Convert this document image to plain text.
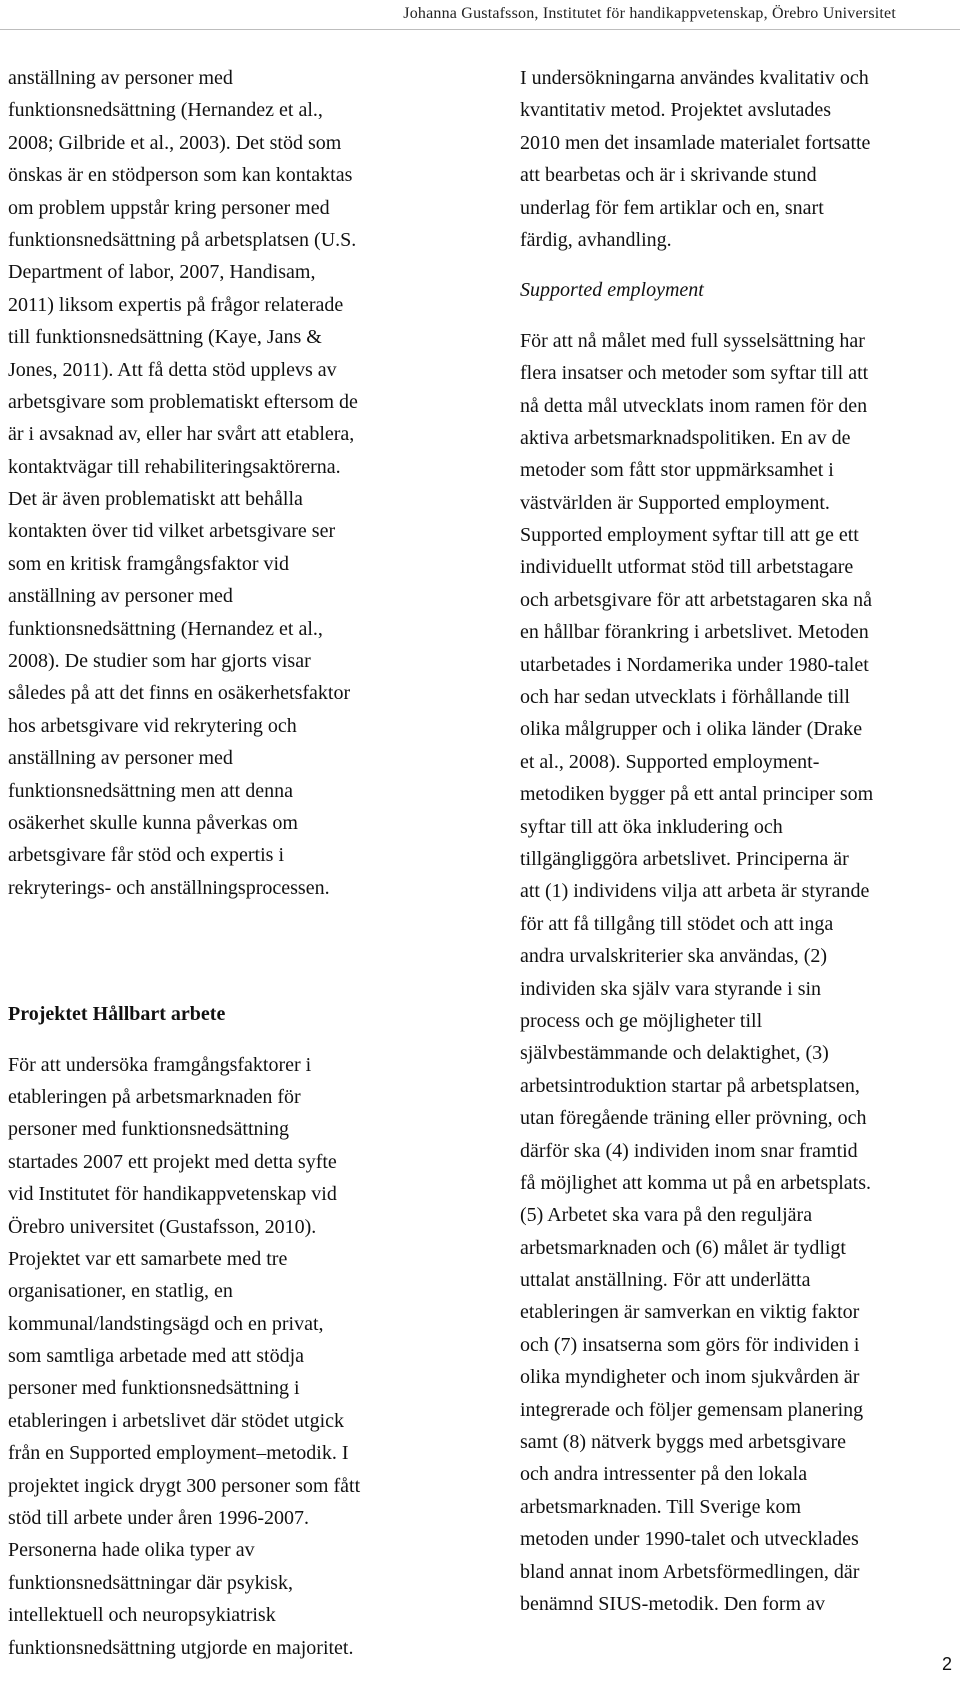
Johanna Gustafsson, Institutet för handikappvetenskap, Örebro Universitet
anställning av personer med
funktionsnedsättning (Hernandez et al.,
2008; Gilbride et al., 2003). Det stöd som
önskas är en stödperson som kan kontaktas
om problem uppstår kring personer med
funktionsnedsättning på arbetsplatsen (U.S.
Department of labor, 2007, Handisam,
2011) liksom expertis på frågor relaterade
till funktionsnedsättning (Kaye, Jans &
Jones, 2011). Att få detta stöd upplevs av
arbetsgivare som problematiskt eftersom de
är i avsaknad av, eller har svårt att etablera,
kontaktvägar till rehabiliteringsaktörerna.
Det är även problematiskt att behålla
kontakten över tid vilket arbetsgivare ser
som en kritisk framgångsfaktor vid
anställning av personer med
funktionsnedsättning (Hernandez et al.,
2008). De studier som har gjorts visar
således på att det finns en osäkerhetsfaktor
hos arbetsgivare vid rekrytering och
anställning av personer med
funktionsnedsättning men att denna
osäkerhet skulle kunna påverkas om
arbetsgivare får stöd och expertis i
rekryterings- och anställningsprocessen.
Projektet Hållbart arbete
För att undersöka framgångsfaktorer i
etableringen på arbetsmarknaden för
personer med funktionsnedsättning
startades 2007 ett projekt med detta syfte
vid Institutet för handikappvetenskap vid
Örebro universitet (Gustafsson, 2010).
Projektet var ett samarbete med tre
organisationer, en statlig, en
kommunal/landstingsägd och en privat,
som samtliga arbetade med att stödja
personer med funktionsnedsättning i
etableringen i arbetslivet där stödet utgick
från en Supported employment–metodik. I
projektet ingick drygt 300 personer som fått
stöd till arbete under åren 1996-2007.
Personerna hade olika typer av
funktionsnedsättningar där psykisk,
intellektuell och neuropsykiatrisk
funktionsnedsättning utgjorde en majoritet.
I undersökningarna användes kvalitativ och
kvantitativ metod. Projektet avslutades
2010 men det insamlade materialet fortsatte
att bearbetas och är i skrivande stund
underlag för fem artiklar och en, snart
färdig, avhandling.
Supported employment
För att nå målet med full sysselsättning har
flera insatser och metoder som syftar till att
nå detta mål utvecklats inom ramen för den
aktiva arbetsmarknadspolitiken. En av de
metoder som fått stor uppmärksamhet i
västvärlden är Supported employment.
Supported employment syftar till att ge ett
individuellt utformat stöd till arbetstagare
och arbetsgivare för att arbetstagaren ska nå
en hållbar förankring i arbetslivet. Metoden
utarbetades i Nordamerika under 1980-talet
och har sedan utvecklats i förhållande till
olika målgrupper och i olika länder (Drake
et al., 2008). Supported employment-
metodiken bygger på ett antal principer som
syftar till att öka inkludering och
tillgängliggöra arbetslivet. Principerna är
att (1) individens vilja att arbeta är styrande
för att få tillgång till stödet och att inga
andra urvalskriterier ska användas, (2)
individen ska själv vara styrande i sin
process och ge möjligheter till
självbestämmande och delaktighet, (3)
arbetsintroduktion startar på arbetsplatsen,
utan föregående träning eller prövning, och
därför ska (4) individen inom snar framtid
få möjlighet att komma ut på en arbetsplats.
(5) Arbetet ska vara på den reguljära
arbetsmarknaden och (6) målet är tydligt
uttalat anställning. För att underlätta
etableringen är samverkan en viktig faktor
och (7) insatserna som görs för individen i
olika myndigheter och inom sjukvården är
integrerade och följer gemensam planering
samt (8) nätverk byggs med arbetsgivare
och andra intressenter på den lokala
arbetsmarknaden. Till Sverige kom
metoden under 1990-talet och utvecklades
bland annat inom Arbetsförmedlingen, där
benämnd SIUS-metodik. Den form av
2
